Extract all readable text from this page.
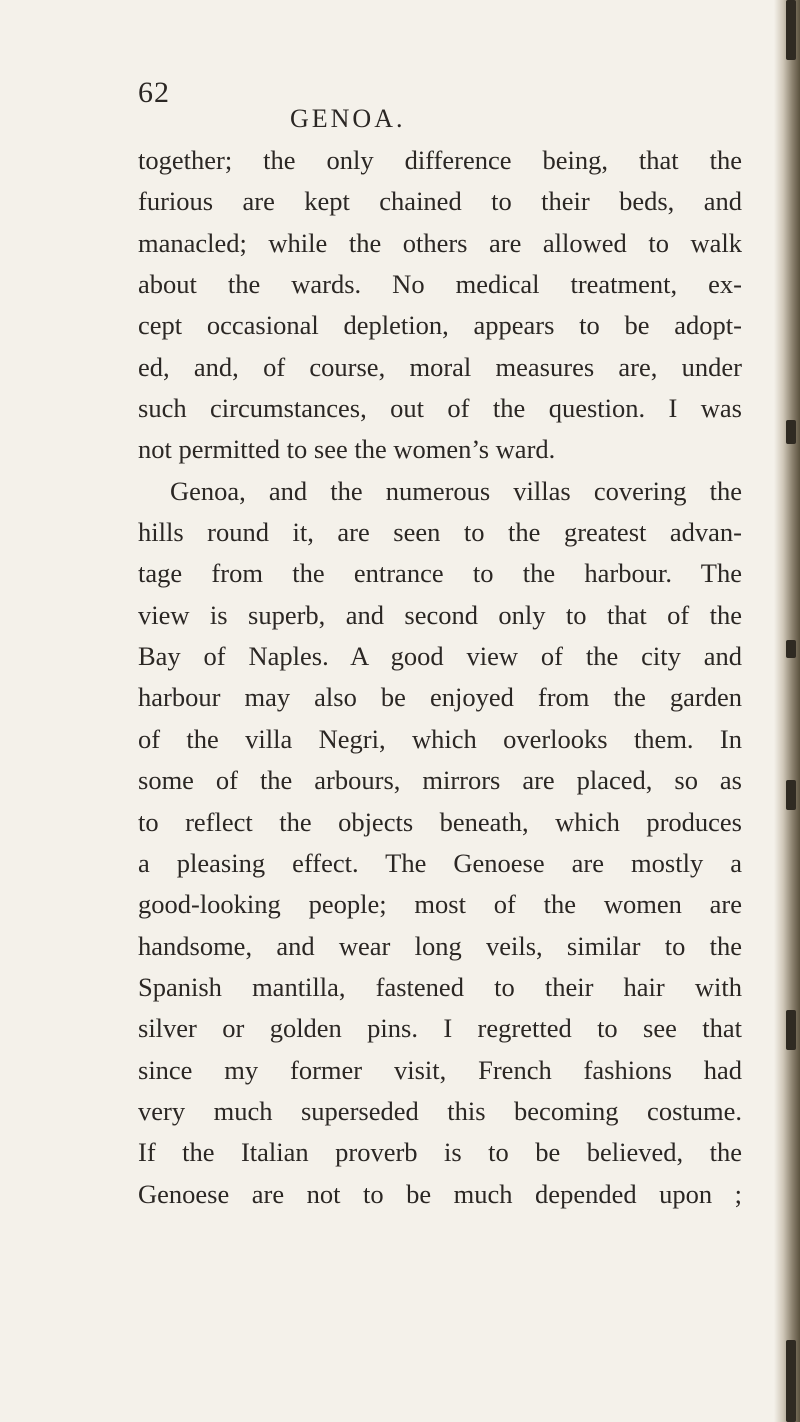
62
GENOA.
together; the only difference being, that the
furious are kept chained to their beds, and
manacled; while the others are allowed to walk
about the wards. No medical treatment, ex-
cept occasional depletion, appears to be adopt-
ed, and, of course, moral measures are, under
such circumstances, out of the question. I was
not permitted to see the women’s ward.
Genoa, and the numerous villas covering the
hills round it, are seen to the greatest advan-
tage from the entrance to the harbour. The
view is superb, and second only to that of the
Bay of Naples. A good view of the city and
harbour may also be enjoyed from the garden
of the villa Negri, which overlooks them. In
some of the arbours, mirrors are placed, so as
to reflect the objects beneath, which produces
a pleasing effect. The Genoese are mostly a
good-looking people; most of the women are
handsome, and wear long veils, similar to the
Spanish mantilla, fastened to their hair with
silver or golden pins. I regretted to see that
since my former visit, French fashions had
very much superseded this becoming costume.
If the Italian proverb is to be believed, the
Genoese are not to be much depended upon ;
